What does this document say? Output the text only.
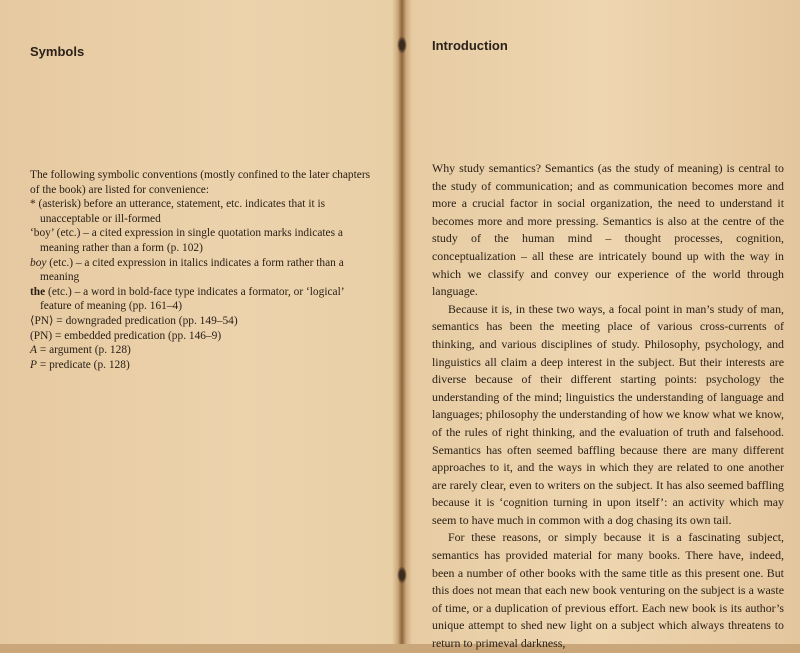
Symbols

The following symbolic conventions (mostly confined to the later chapters of the book) are listed for convenience:

* (asterisk) before an utterance, statement, etc. indicates that it is unacceptable or ill-formed

‘boy’ (etc.) – a cited expression in single quotation marks indicates a meaning rather than a form (p. 102)

boy (etc.) – a cited expression in italics indicates a form rather than a meaning

the (etc.) – a word in bold-face type indicates a formator, or ‘logical’ feature of meaning (pp. 161–4)

⟨PN⟩ = downgraded predication (pp. 149–54)

(PN) = embedded predication (pp. 146–9)

A = argument (p. 128)

P = predicate (p. 128)

Introduction

Why study semantics? Semantics (as the study of meaning) is central to the study of communication; and as communication becomes more and more a crucial factor in social organization, the need to understand it becomes more and more pressing. Semantics is also at the centre of the study of the human mind – thought processes, cognition, conceptualization – all these are intricately bound up with the way in which we classify and convey our experience of the world through language.

Because it is, in these two ways, a focal point in man’s study of man, semantics has been the meeting place of various cross-currents of thinking, and various disciplines of study. Philosophy, psychology, and linguistics all claim a deep interest in the subject. But their interests are diverse because of their different starting points: psychology the understanding of the mind; linguistics the understanding of language and languages; philosophy the understanding of how we know what we know, of the rules of right thinking, and the evaluation of truth and falsehood. Semantics has often seemed baffling because there are many different approaches to it, and the ways in which they are related to one another are rarely clear, even to writers on the subject. It has also seemed baffling because it is ‘cognition turning in upon itself’: an activity which may seem to have much in common with a dog chasing its own tail.

For these reasons, or simply because it is a fascinating subject, semantics has provided material for many books. There have, indeed, been a number of other books with the same title as this present one. But this does not mean that each new book venturing on the subject is a waste of time, or a duplication of previous effort. Each new book is its author’s unique attempt to shed new light on a subject which always threatens to return to primeval darkness,
